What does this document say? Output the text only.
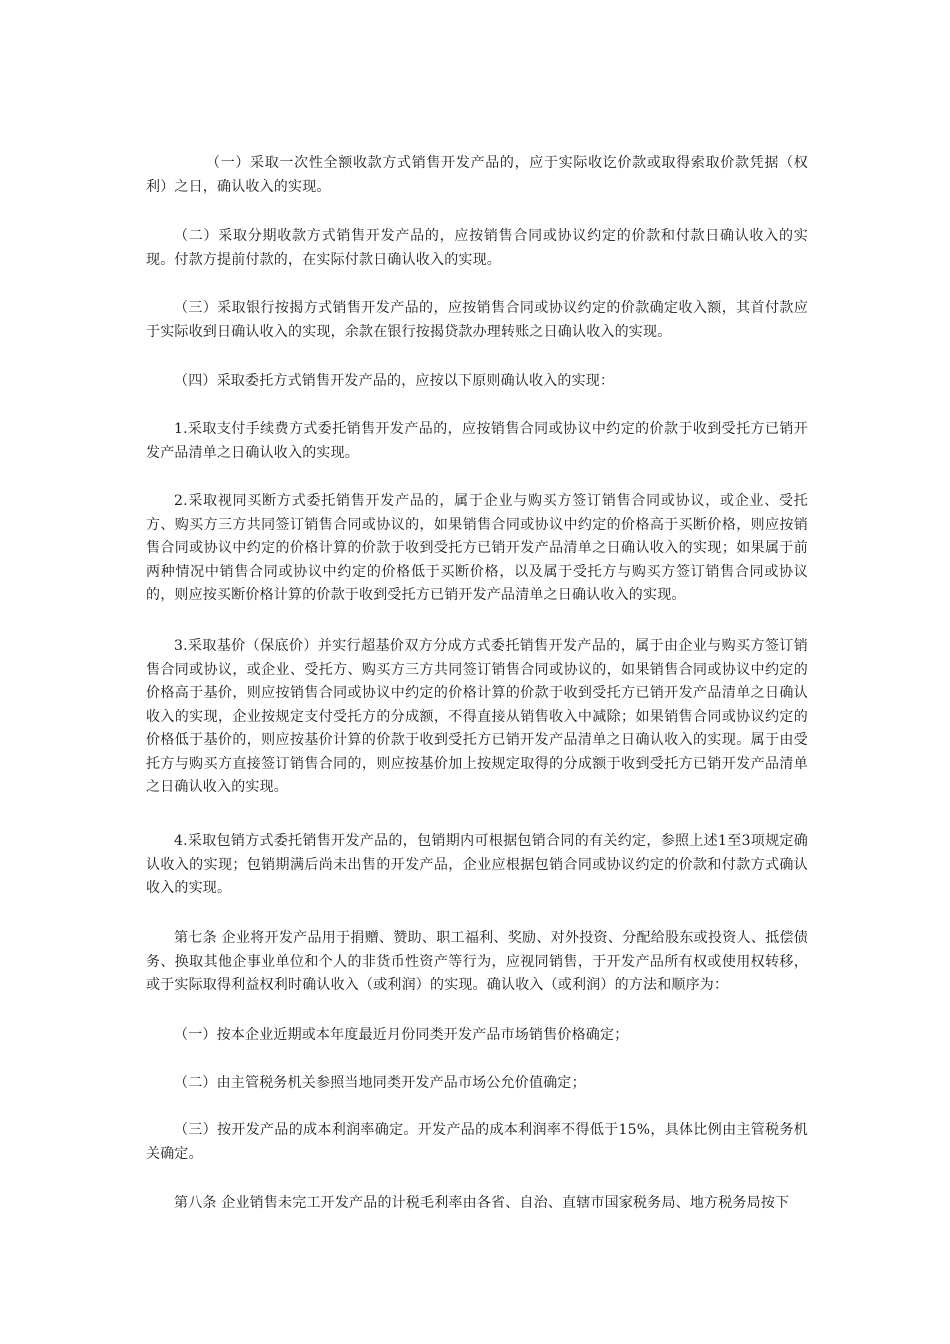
（一）采取一次性全额收款方式销售开发产品的，应于实际收讫价款或取得索取价款凭据（权利）之日，确认收入的实现。

（二）采取分期收款方式销售开发产品的，应按销售合同或协议约定的价款和付款日确认收入的实现。付款方提前付款的，在实际付款日确认收入的实现。

（三）采取银行按揭方式销售开发产品的，应按销售合同或协议约定的价款确定收入额，其首付款应于实际收到日确认收入的实现，余款在银行按揭贷款办理转账之日确认收入的实现。

（四）采取委托方式销售开发产品的，应按以下原则确认收入的实现：

1.采取支付手续费方式委托销售开发产品的，应按销售合同或协议中约定的价款于收到受托方已销开发产品清单之日确认收入的实现。

2.采取视同买断方式委托销售开发产品的，属于企业与购买方签订销售合同或协议，或企业、受托方、购买方三方共同签订销售合同或协议的，如果销售合同或协议中约定的价格高于买断价格，则应按销售合同或协议中约定的价格计算的价款于收到受托方已销开发产品清单之日确认收入的实现；如果属于前两种情况中销售合同或协议中约定的价格低于买断价格，以及属于受托方与购买方签订销售合同或协议的，则应按买断价格计算的价款于收到受托方已销开发产品清单之日确认收入的实现。

3.采取基价（保底价）并实行超基价双方分成方式委托销售开发产品的，属于由企业与购买方签订销售合同或协议，或企业、受托方、购买方三方共同签订销售合同或协议的，如果销售合同或协议中约定的价格高于基价，则应按销售合同或协议中约定的价格计算的价款于收到受托方已销开发产品清单之日确认收入的实现，企业按规定支付受托方的分成额，不得直接从销售收入中减除；如果销售合同或协议约定的价格低于基价的，则应按基价计算的价款于收到受托方已销开发产品清单之日确认收入的实现。属于由受托方与购买方直接签订销售合同的，则应按基价加上按规定取得的分成额于收到受托方已销开发产品清单之日确认收入的实现。

4.采取包销方式委托销售开发产品的，包销期内可根据包销合同的有关约定，参照上述1至3项规定确认收入的实现；包销期满后尚未出售的开发产品，企业应根据包销合同或协议约定的价款和付款方式确认收入的实现。

第七条 企业将开发产品用于捐赠、赞助、职工福利、奖励、对外投资、分配给股东或投资人、抵偿债务、换取其他企事业单位和个人的非货币性资产等行为，应视同销售，于开发产品所有权或使用权转移，或于实际取得利益权利时确认收入（或利润）的实现。确认收入（或利润）的方法和顺序为：

（一）按本企业近期或本年度最近月份同类开发产品市场销售价格确定；

（二）由主管税务机关参照当地同类开发产品市场公允价值确定；

（三）按开发产品的成本利润率确定。开发产品的成本利润率不得低于15%，具体比例由主管税务机关确定。

第八条 企业销售未完工开发产品的计税毛利率由各省、自治、直辖市国家税务局、地方税务局按下
